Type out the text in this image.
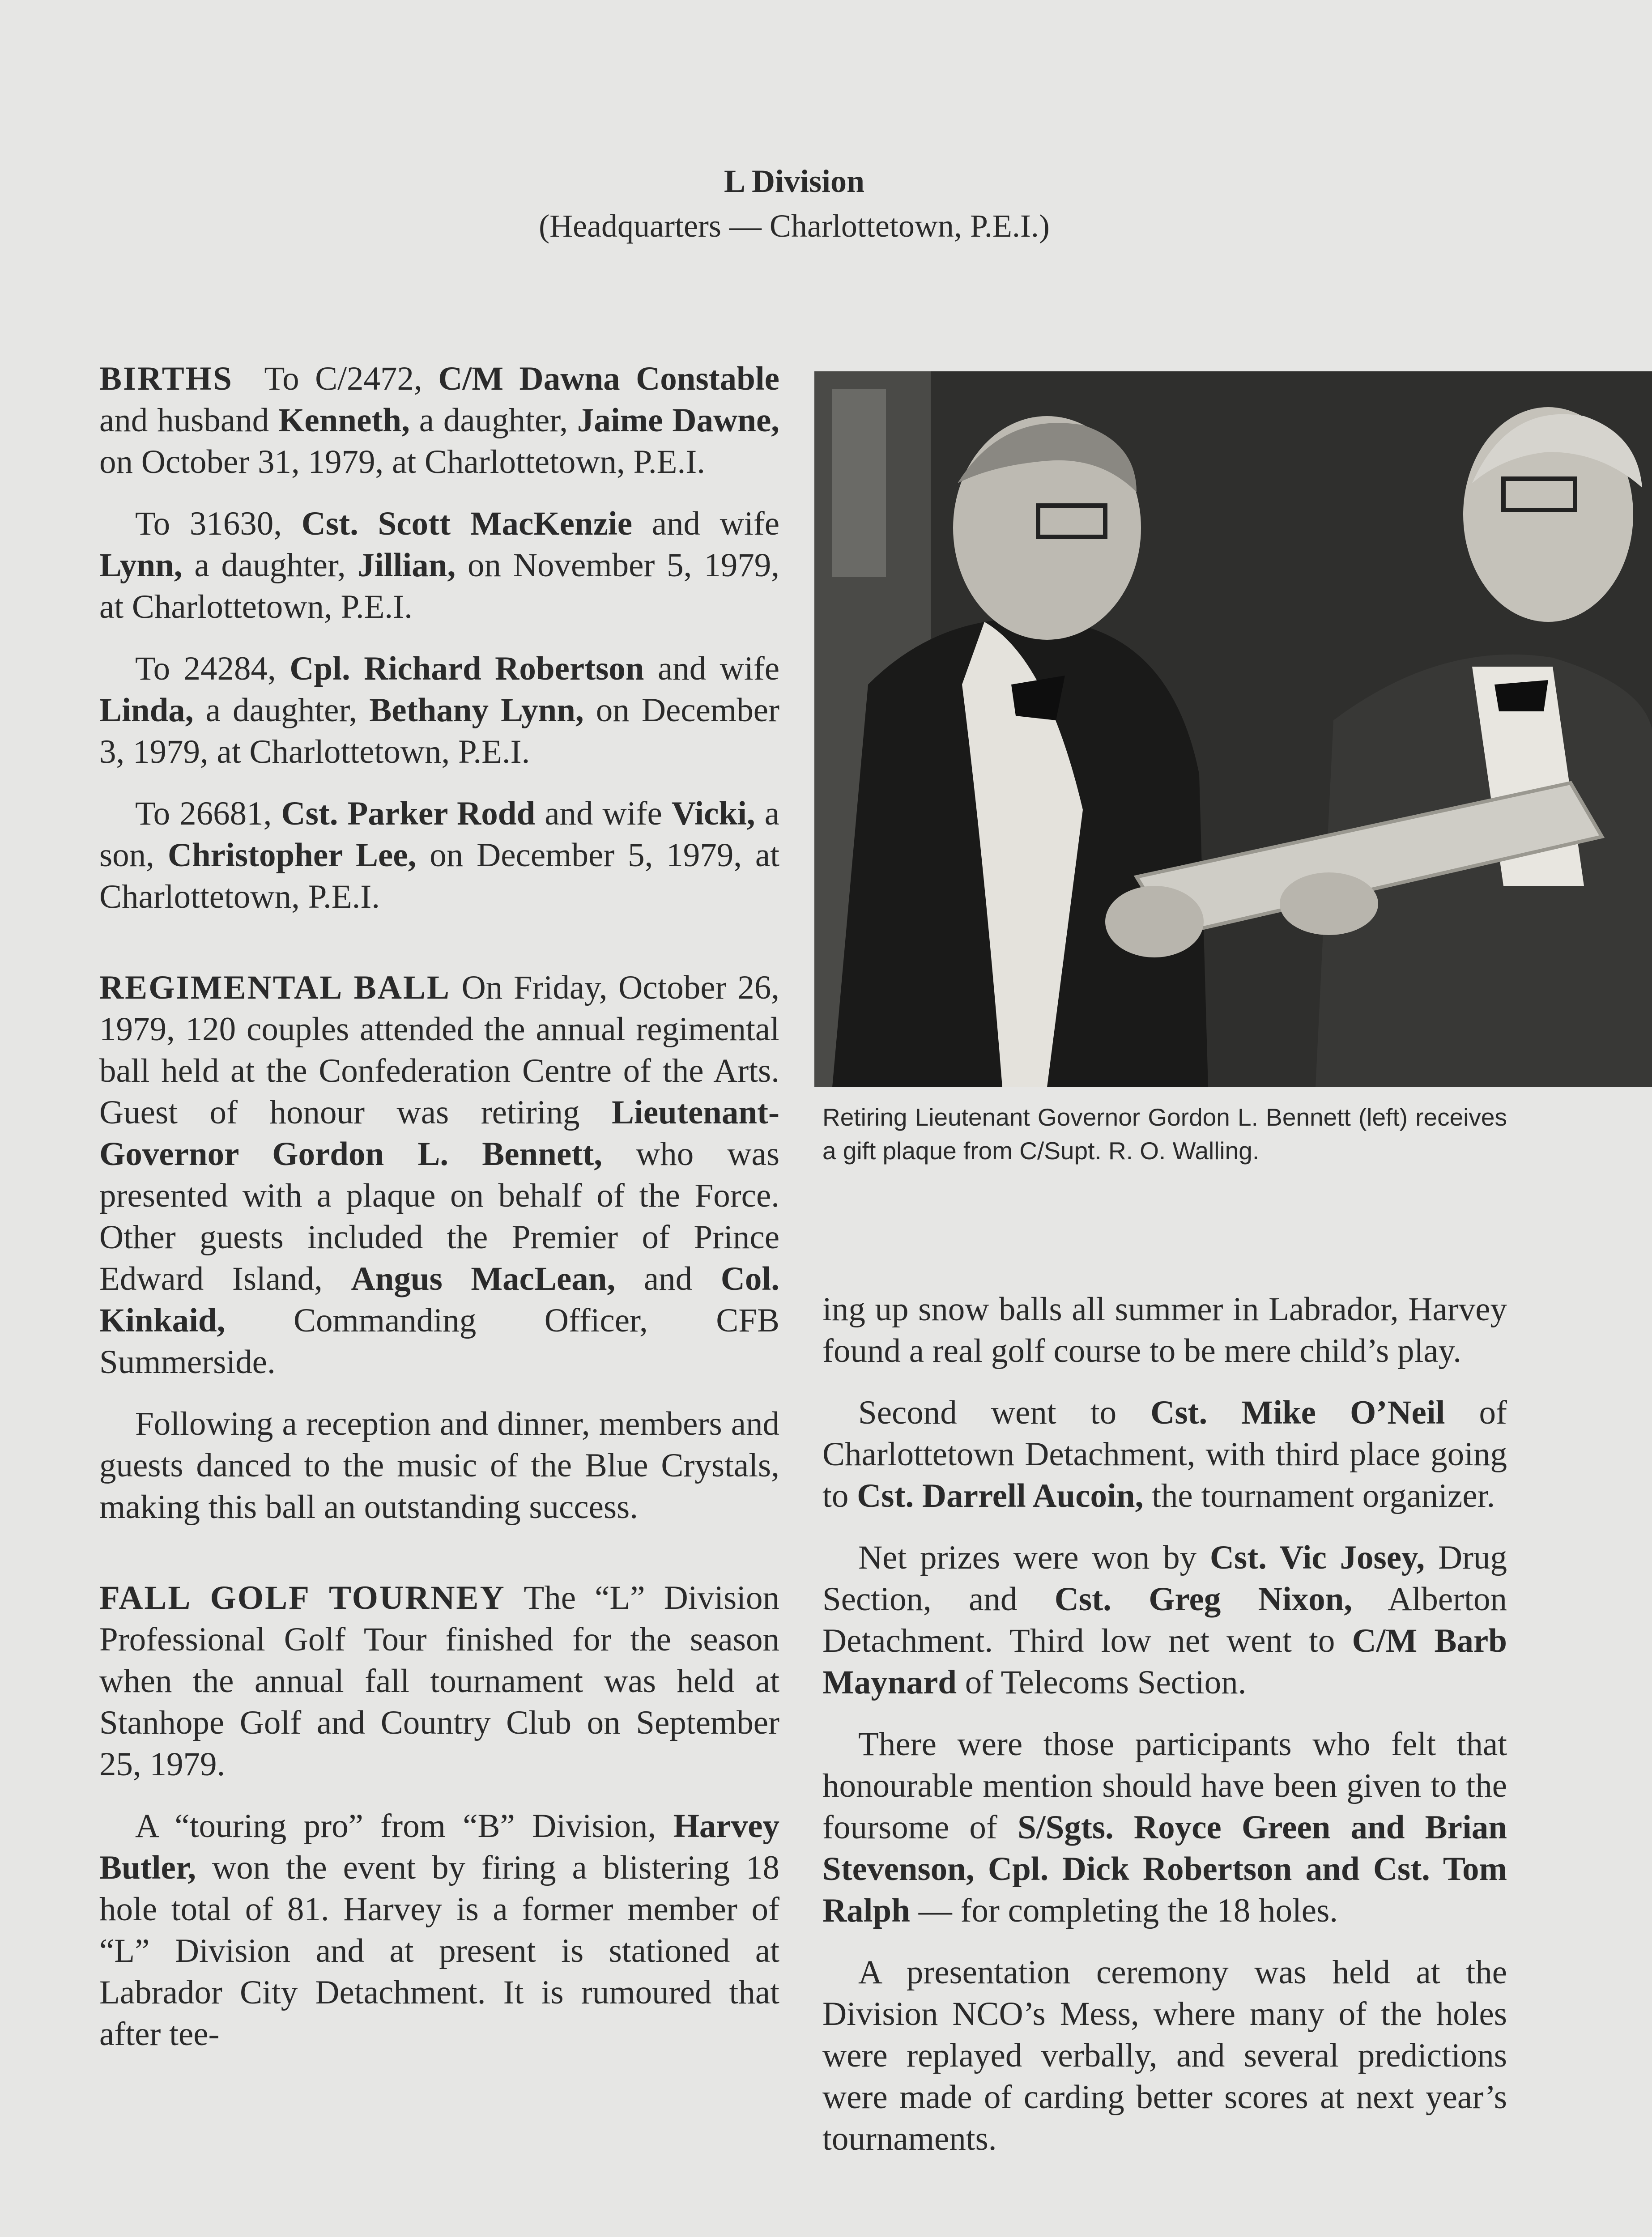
L Division
(Headquarters — Charlottetown, P.E.I.)

BIRTHS To C/2472, C/M Dawna Constable and husband Kenneth, a daughter, Jaime Dawne, on October 31, 1979, at Charlottetown, P.E.I.

To 31630, Cst. Scott MacKenzie and wife Lynn, a daughter, Jillian, on November 5, 1979, at Charlottetown, P.E.I.

To 24284, Cpl. Richard Robertson and wife Linda, a daughter, Bethany Lynn, on December 3, 1979, at Charlottetown, P.E.I.

To 26681, Cst. Parker Rodd and wife Vicki, a son, Christopher Lee, on December 5, 1979, at Charlottetown, P.E.I.

REGIMENTAL BALL On Friday, October 26, 1979, 120 couples attended the annual regimental ball held at the Confederation Centre of the Arts. Guest of honour was retiring Lieutenant-Governor Gordon L. Bennett, who was presented with a plaque on behalf of the Force. Other guests included the Premier of Prince Edward Island, Angus MacLean, and Col. Kinkaid, Commanding Officer, CFB Summerside.

Following a reception and dinner, members and guests danced to the music of the Blue Crystals, making this ball an outstanding success.

FALL GOLF TOURNEY The “L” Division Professional Golf Tour finished for the season when the annual fall tournament was held at Stanhope Golf and Country Club on September 25, 1979.

A “touring pro” from “B” Division, Harvey Butler, won the event by firing a blistering 18 hole total of 81. Harvey is a former member of “L” Division and at present is stationed at Labrador City Detachment. It is rumoured that after tee-

Retiring Lieutenant Governor Gordon L. Bennett (left) receives a gift plaque from C/Supt. R. O. Walling.

ing up snow balls all summer in Labrador, Harvey found a real golf course to be mere child’s play.

Second went to Cst. Mike O’Neil of Charlottetown Detachment, with third place going to Cst. Darrell Aucoin, the tournament organizer.

Net prizes were won by Cst. Vic Josey, Drug Section, and Cst. Greg Nixon, Alberton Detachment. Third low net went to C/M Barb Maynard of Telecoms Section.

There were those participants who felt that honourable mention should have been given to the foursome of S/Sgts. Royce Green and Brian Stevenson, Cpl. Dick Robertson and Cst. Tom Ralph — for completing the 18 holes.

A presentation ceremony was held at the Division NCO’s Mess, where many of the holes were replayed verbally, and several predictions were made of carding better scores at next year’s tournaments.
